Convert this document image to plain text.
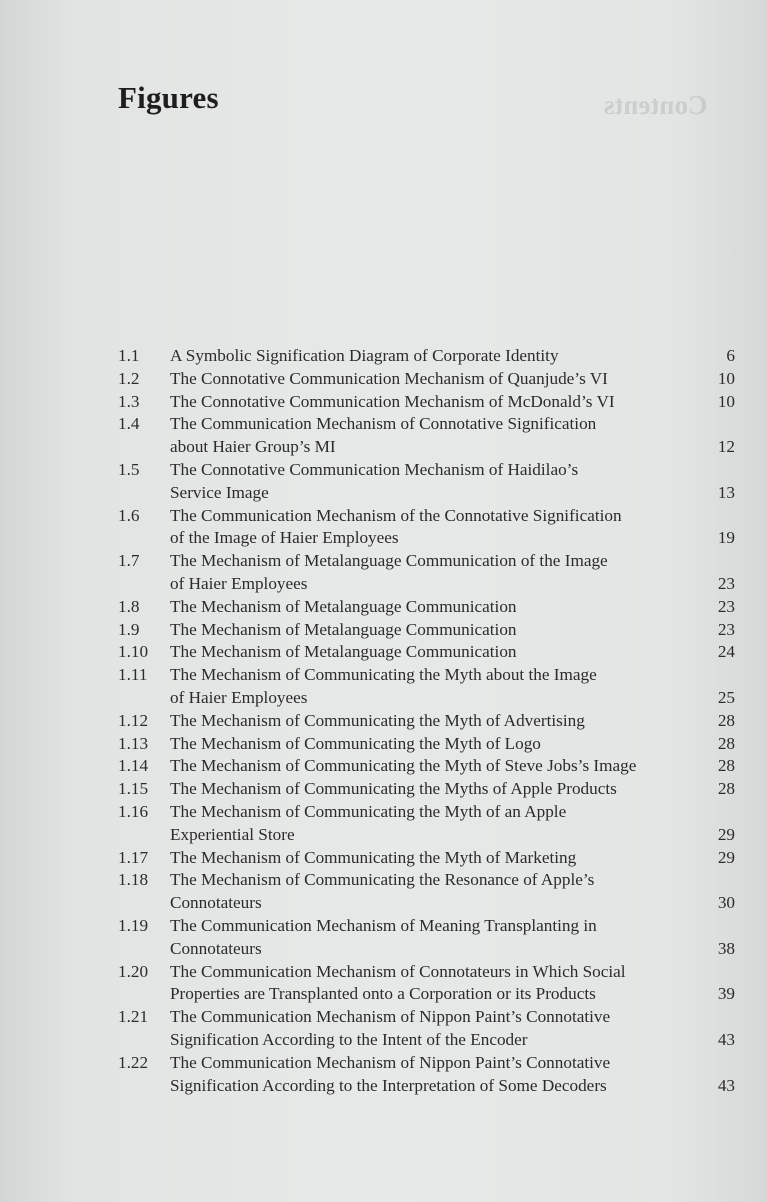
Contents
Figures
1.1 A Symbolic Signification Diagram of Corporate Identity	6
1.2 The Connotative Communication Mechanism of Quanjude’s VI	10
1.3 The Connotative Communication Mechanism of McDonald’s VI	10
1.4 The Communication Mechanism of Connotative Signification
about Haier Group’s MI	12
1.5 The Connotative Communication Mechanism of Haidilao’s
Service Image	13
1.6 The Communication Mechanism of the Connotative Signification
of the Image of Haier Employees	19
1.7 The Mechanism of Metalanguage Communication of the Image
of Haier Employees	23
1.8 The Mechanism of Metalanguage Communication	23
1.9 The Mechanism of Metalanguage Communication	23
1.10 The Mechanism of Metalanguage Communication	24
1.11 The Mechanism of Communicating the Myth about the Image
of Haier Employees	25
1.12 The Mechanism of Communicating the Myth of Advertising	28
1.13 The Mechanism of Communicating the Myth of Logo	28
1.14 The Mechanism of Communicating the Myth of Steve Jobs’s Image	28
1.15 The Mechanism of Communicating the Myths of Apple Products	28
1.16 The Mechanism of Communicating the Myth of an Apple
Experiential Store	29
1.17 The Mechanism of Communicating the Myth of Marketing	29
1.18 The Mechanism of Communicating the Resonance of Apple’s
Connotateurs	30
1.19 The Communication Mechanism of Meaning Transplanting in
Connotateurs	38
1.20 The Communication Mechanism of Connotateurs in Which Social
Properties are Transplanted onto a Corporation or its Products	39
1.21 The Communication Mechanism of Nippon Paint’s Connotative
Signification According to the Intent of the Encoder	43
1.22 The Communication Mechanism of Nippon Paint’s Connotative
Signification According to the Interpretation of Some Decoders	43
